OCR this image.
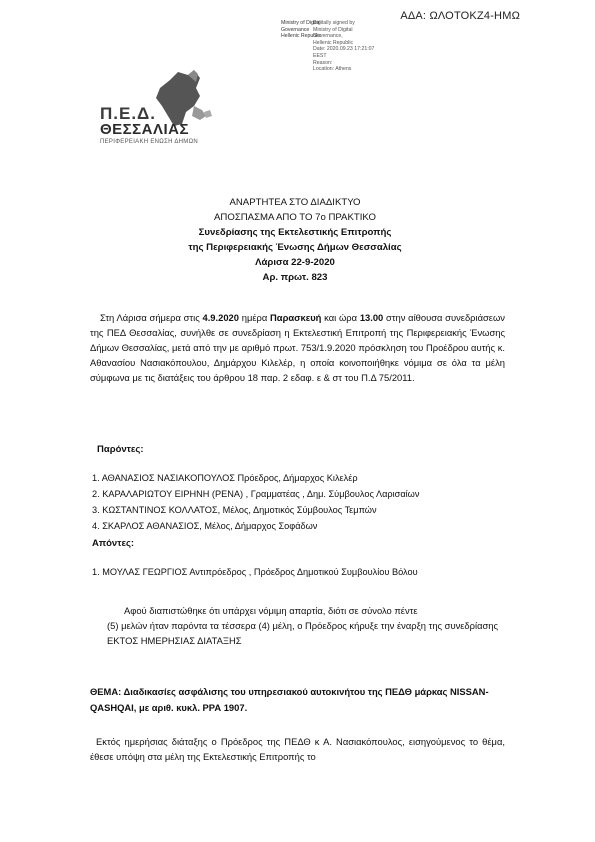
ΑΔΑ: ΩΛΟΤΟΚΖ4-ΗΜΩ
Ministry of Digital
Governance
Hellenic Republic
Digitally signed by
Ministry of Digital
Governance,
Hellenic Republic
Date: 2020.09.23 17:21:07
EEST
Reason:
Location: Athens
Π.Ε.Δ.
ΘΕΣΣΑΛΙΑΣ
ΠΕΡΙΦΕΡΕΙΑΚΗ ΕΝΩΣΗ ΔΗΜΩΝ
ΑΝΑΡΤΗΤΕΑ ΣΤΟ ΔΙΑΔΙΚΤΥΟ
ΑΠΟΣΠΑΣΜΑ ΑΠΟ ΤΟ 7ο ΠΡΑΚΤΙΚΟ
Συνεδρίασης της Εκτελεστικής Επιτροπής
της Περιφερειακής Ένωσης Δήμων Θεσσαλίας
Λάρισα 22-9-2020
Αρ. πρωτ. 823
Στη Λάρισα σήμερα στις 4.9.2020 ημέρα Παρασκευή και ώρα 13.00 στην αίθουσα συνεδριάσεων της ΠΕΔ Θεσσαλίας, συνήλθε σε συνεδρίαση η Εκτελεστική Επιτροπή της Περιφερειακής Ένωσης Δήμων Θεσσαλίας, μετά από την με αριθμό πρωτ. 753/1.9.2020 πρόσκληση του Προέδρου αυτής κ. Αθανασίου Νασιακόπουλου, Δημάρχου Κιλελέρ, η οποία κοινοποιήθηκε νόμιμα σε όλα τα μέλη σύμφωνα με τις διατάξεις του άρθρου 18 παρ. 2 εδαφ. ε & στ του Π.Δ 75/2011.
Παρόντες:
1. ΑΘΑΝΑΣΙΟΣ ΝΑΣΙΑΚΟΠΟΥΛΟΣ Πρόεδρος, Δήμαρχος Κιλελέρ
2. ΚΑΡΑΛΑΡΙΩΤΟΥ ΕΙΡΗΝΗ (ΡΕΝΑ) , Γραμματέας , Δημ. Σύμβουλος Λαρισαίων
3. ΚΩΣΤΑΝΤΙΝΟΣ ΚΟΛΛΑΤΟΣ, Μέλος, Δημοτικός Σύμβουλος Τεμπών
4. ΣΚΑΡΛΟΣ ΑΘΑΝΑΣΙΟΣ, Μέλος, Δήμαρχος Σοφάδων
Απόντες:
1. ΜΟΥΛΑΣ ΓΕΩΡΓΙΟΣ Αντιπρόεδρος , Πρόεδρος Δημοτικού Συμβουλίου Βόλου
Αφού διαπιστώθηκε ότι υπάρχει νόμιμη απαρτία, διότι σε σύνολο πέντε
(5) μελών ήταν παρόντα τα τέσσερα (4) μέλη, ο Πρόεδρος κήρυξε την έναρξη της συνεδρίασης
ΕΚΤΟΣ ΗΜΕΡΗΣΙΑΣ ΔΙΑΤΑΞΗΣ
ΘΕΜΑ: Διαδικασίες ασφάλισης του υπηρεσιακού αυτοκινήτου της ΠΕΔΘ μάρκας NISSAN-QASHQAI, με αριθ. κυκλ. ΡΡΑ 1907.
Εκτός ημερήσιας διάταξης ο Πρόεδρος της ΠΕΔΘ κ Α. Νασιακόπουλος, εισηγούμενος το θέμα, έθεσε υπόψη στα μέλη της Εκτελεστικής Επιτροπής το
